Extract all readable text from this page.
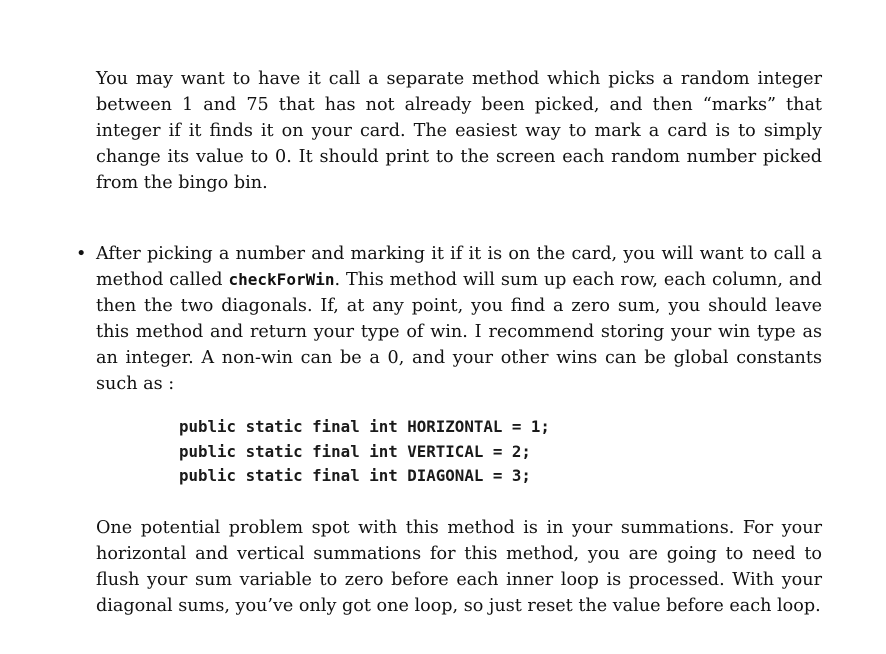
You may want to have it call a separate method which picks a random integer between 1 and 75 that has not already been picked, and then “marks” that integer if it finds it on your card. The easiest way to mark a card is to simply change its value to 0. It should print to the screen each random number picked from the bingo bin.

• After picking a number and marking it if it is on the card, you will want to call a method called checkForWin. This method will sum up each row, each column, and then the two diagonals. If, at any point, you find a zero sum, you should leave this method and return your type of win. I recommend storing your win type as an integer. A non-win can be a 0, and your other wins can be global constants such as :

public static final int HORIZONTAL = 1;
public static final int VERTICAL = 2;
public static final int DIAGONAL = 3;

One potential problem spot with this method is in your summations. For your horizontal and vertical summations for this method, you are going to need to flush your sum variable to zero before each inner loop is processed. With your diagonal sums, you’ve only got one loop, so just reset the value before each loop.
